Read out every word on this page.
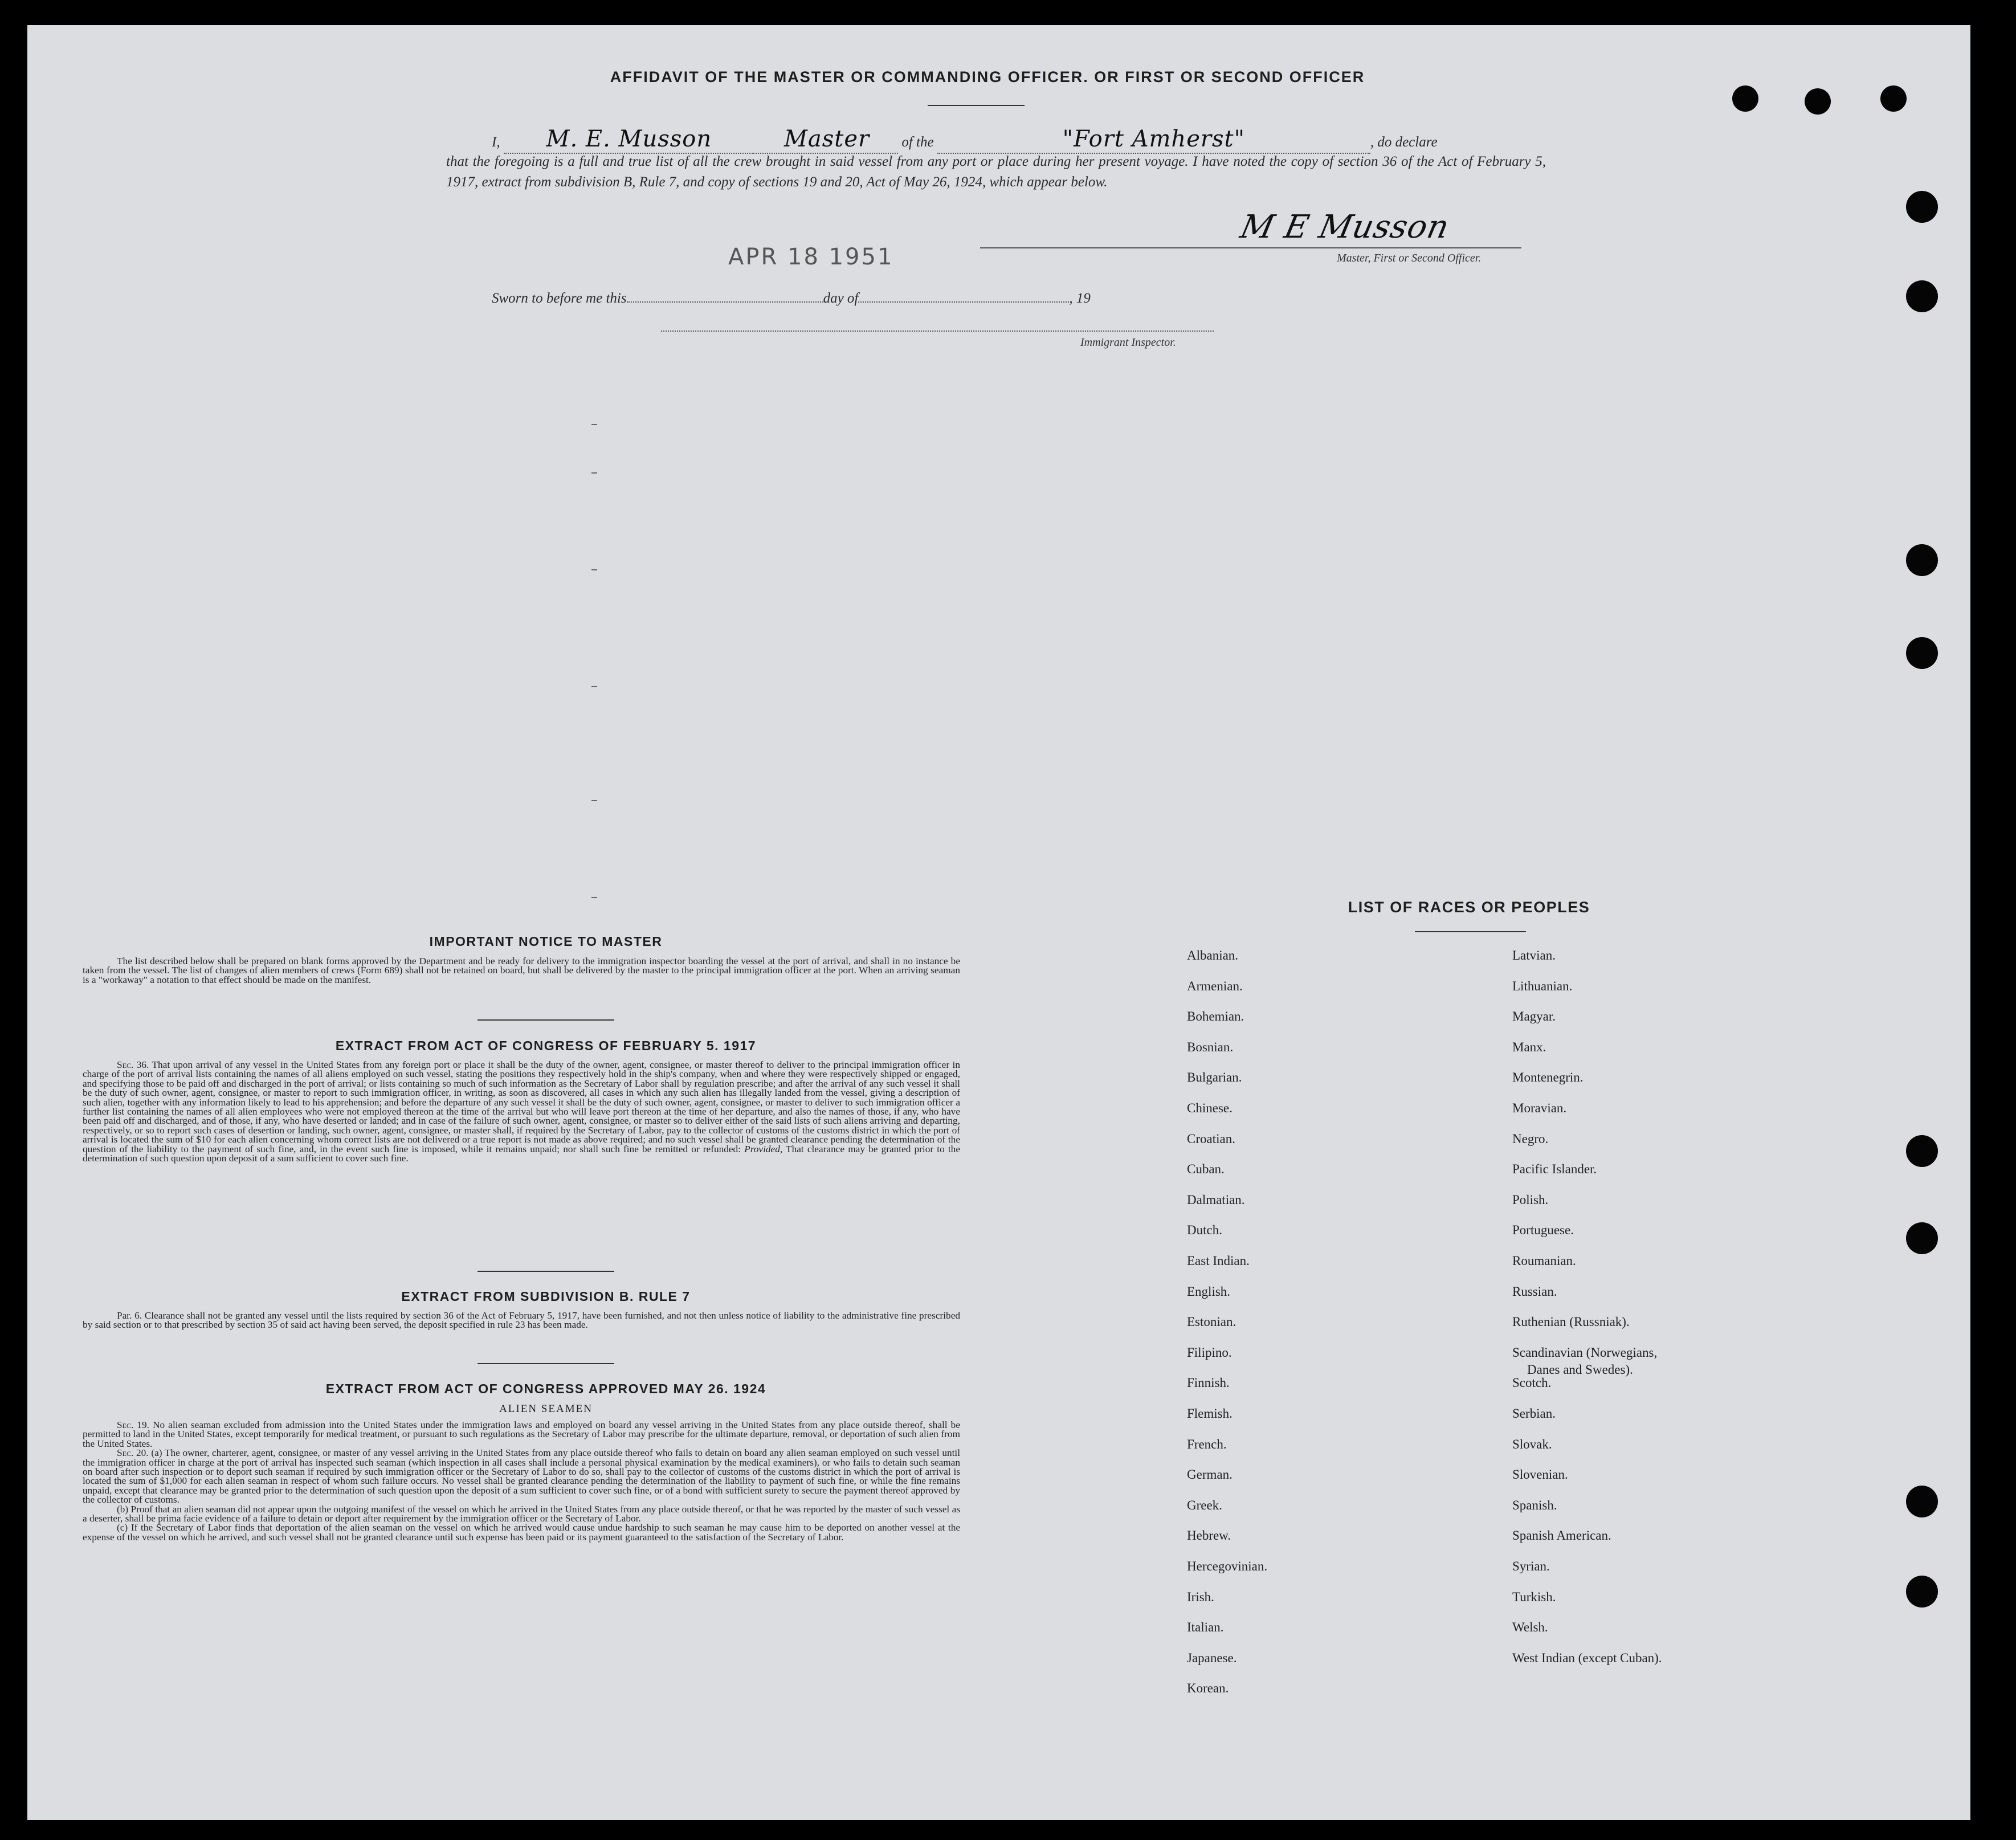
AFFIDAVIT OF THE MASTER OR COMMANDING OFFICER. OR FIRST OR SECOND OFFICER
I, M. E. Musson	Master of the	"Fort Amherst"	, do declare
that the foregoing is a full and true list of all the crew brought in said vessel from any port or place during her present voyage. I have noted the copy of section 36 of the Act of February 5, 1917, extract from subdivision B, Rule 7, and copy of sections 19 and 20, Act of May 26, 1924, which appear below.
APR 18 1951
M E Musson
Master, First or Second Officer.
Sworn to before me this	day of	, 19
Immigrant Inspector.
IMPORTANT NOTICE TO MASTER

The list described below shall be prepared on blank forms approved by the Department and be ready for delivery to the immigration inspector boarding the vessel at the port of arrival, and shall in no instance be taken from the vessel. The list of changes of alien members of crews (Form 689) shall not be retained on board, but shall be delivered by the master to the principal immigration officer at the port. When an arriving seaman is a "workaway" a notation to that effect should be made on the manifest.

EXTRACT FROM ACT OF CONGRESS OF FEBRUARY 5. 1917

Sec. 36. That upon arrival of any vessel in the United States from any foreign port or place it shall be the duty of the owner, agent, consignee, or master thereof to deliver to the principal immigration officer in charge of the port of arrival lists containing the names of all aliens employed on such vessel, stating the positions they respectively hold in the ship's company, when and where they were respectively shipped or engaged, and specifying those to be paid off and discharged in the port of arrival; or lists containing so much of such information as the Secretary of Labor shall by regulation prescribe; and after the arrival of any such vessel it shall be the duty of such owner, agent, consignee, or master to report to such immigration officer, in writing, as soon as discovered, all cases in which any such alien has illegally landed from the vessel, giving a description of such alien, together with any information likely to lead to his apprehension; and before the departure of any such vessel it shall be the duty of such owner, agent, consignee, or master to deliver to such immigration officer a further list containing the names of all alien employees who were not employed thereon at the time of the arrival but who will leave port thereon at the time of her departure, and also the names of those, if any, who have been paid off and discharged, and of those, if any, who have deserted or landed; and in case of the failure of such owner, agent, consignee, or master so to deliver either of the said lists of such aliens arriving and departing, respectively, or so to report such cases of desertion or landing, such owner, agent, consignee, or master shall, if required by the Secretary of Labor, pay to the collector of customs of the customs district in which the port of arrival is located the sum of $10 for each alien concerning whom correct lists are not delivered or a true report is not made as above required; and no such vessel shall be granted clearance pending the determination of the question of the liability to the payment of such fine, and, in the event such fine is imposed, while it remains unpaid; nor shall such fine be remitted or refunded: Provided, That clearance may be granted prior to the determination of such question upon deposit of a sum sufficient to cover such fine.

EXTRACT FROM SUBDIVISION B. RULE 7

Par. 6. Clearance shall not be granted any vessel until the lists required by section 36 of the Act of February 5, 1917, have been furnished, and not then unless notice of liability to the administrative fine prescribed by said section or to that prescribed by section 35 of said act having been served, the deposit specified in rule 23 has been made.

EXTRACT FROM ACT OF CONGRESS APPROVED MAY 26. 1924
ALIEN SEAMEN

Sec. 19. No alien seaman excluded from admission into the United States under the immigration laws and employed on board any vessel arriving in the United States from any place outside thereof, shall be permitted to land in the United States, except temporarily for medical treatment, or pursuant to such regulations as the Secretary of Labor may prescribe for the ultimate departure, removal, or deportation of such alien from the United States.

Sec. 20. (a) The owner, charterer, agent, consignee, or master of any vessel arriving in the United States from any place outside thereof who fails to detain on board any alien seaman employed on such vessel until the immigration officer in charge at the port of arrival has inspected such seaman (which inspection in all cases shall include a personal physical examination by the medical examiners), or who fails to detain such seaman on board after such inspection or to deport such seaman if required by such immigration officer or the Secretary of Labor to do so, shall pay to the collector of customs of the customs district in which the port of arrival is located the sum of $1,000 for each alien seaman in respect of whom such failure occurs. No vessel shall be granted clearance pending the determination of the liability to payment of such fine, or while the fine remains unpaid, except that clearance may be granted prior to the determination of such question upon the deposit of a sum sufficient to cover such fine, or of a bond with sufficient surety to secure the payment thereof approved by the collector of customs.

(b) Proof that an alien seaman did not appear upon the outgoing manifest of the vessel on which he arrived in the United States from any place outside thereof, or that he was reported by the master of such vessel as a deserter, shall be prima facie evidence of a failure to detain or deport after requirement by the immigration officer or the Secretary of Labor.

(c) If the Secretary of Labor finds that deportation of the alien seaman on the vessel on which he arrived would cause undue hardship to such seaman he may cause him to be deported on another vessel at the expense of the vessel on which he arrived, and such vessel shall not be granted clearance until such expense has been paid or its payment guaranteed to the satisfaction of the Secretary of Labor.

LIST OF RACES OR PEOPLES
Albanian.
Armenian.
Bohemian.
Bosnian.
Bulgarian.
Chinese.
Croatian.
Cuban.
Dalmatian.
Dutch.
East Indian.
English.
Estonian.
Filipino.
Finnish.
Flemish.
French.
German.
Greek.
Hebrew.
Hercegovinian.
Irish.
Italian.
Japanese.
Korean.
Latvian.
Lithuanian.
Magyar.
Manx.
Montenegrin.
Moravian.
Negro.
Pacific Islander.
Polish.
Portuguese.
Roumanian.
Russian.
Ruthenian (Russniak).
Scandinavian (Norwegians,
Danes and Swedes).
Scotch.
Serbian.
Slovak.
Slovenian.
Spanish.
Spanish American.
Syrian.
Turkish.
Welsh.
West Indian (except Cuban).
